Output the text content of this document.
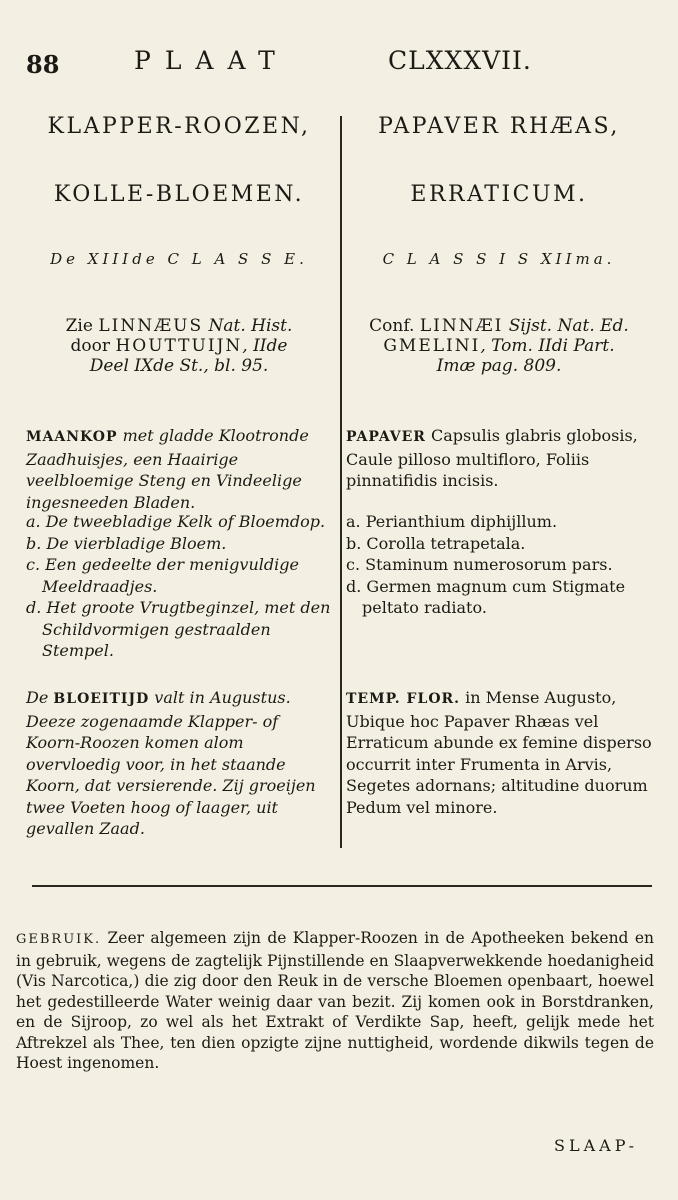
88	PLAAT	CLXXXVII.
KLAPPER-ROOZEN,
KOLLE-BLOEMEN.
De XIIIde C L A S S E.
Zie LINNÆUS Nat. Hist.
door HOUTTUIJN, IIde
Deel IXde St., bl. 95.
MAANKOP met gladde Klootronde Zaadhuisjes, een Haairige veelbloemige Steng en Vindeelige ingesneeden Bladen.
a. De tweebladige Kelk of Bloemdop.
b. De vierbladige Bloem.
c. Een gedeelte der menigvuldige Meeldraadjes.
d. Het groote Vrugtbeginzel, met den Schildvormigen gestraalden Stempel.
De BLOEITIJD valt in Augustus. Deeze zogenaamde Klapper- of Koorn-Roozen komen alom overvloedig voor, in het staande Koorn, dat versierende. Zij groeijen twee Voeten hoog of laager, uit gevallen Zaad.
PAPAVER RHÆAS,
ERRATICUM.
C L A S S I S XIIma.
Conf. LINNÆI Sijst. Nat. Ed.
GMELINI, Tom. IIdi Part.
Imæ pag. 809.
PAPAVER Capsulis glabris globosis, Caule pilloso multifloro, Foliis pinnatifidis incisis.
a. Perianthium diphijllum.
b. Corolla tetrapetala.
c. Staminum numerosorum pars.
d. Germen magnum cum Stigmate peltato radiato.
TEMP. FLOR. in Mense Augusto, Ubique hoc Papaver Rhæas vel Erraticum abunde ex femine disperso occurrit inter Frumenta in Arvis, Segetes adornans; altitudine duorum Pedum vel minore.
GEBRUIK. Zeer algemeen zijn de Klapper-Roozen in de Apotheeken bekend en in gebruik, wegens de zagtelijk Pijnstillende en Slaapverwekkende hoedanigheid (Vis Narcotica,) die zig door den Reuk in de versche Bloemen openbaart, hoewel het gedestilleerde Water weinig daar van bezit. Zij komen ook in Borstdranken, en de Sijroop, zo wel als het Extrakt of Verdikte Sap, heeft, gelijk mede het Aftrekzel als Thee, ten dien opzigte zijne nuttigheid, wordende dikwils tegen de Hoest ingenomen.
SLAAP-
